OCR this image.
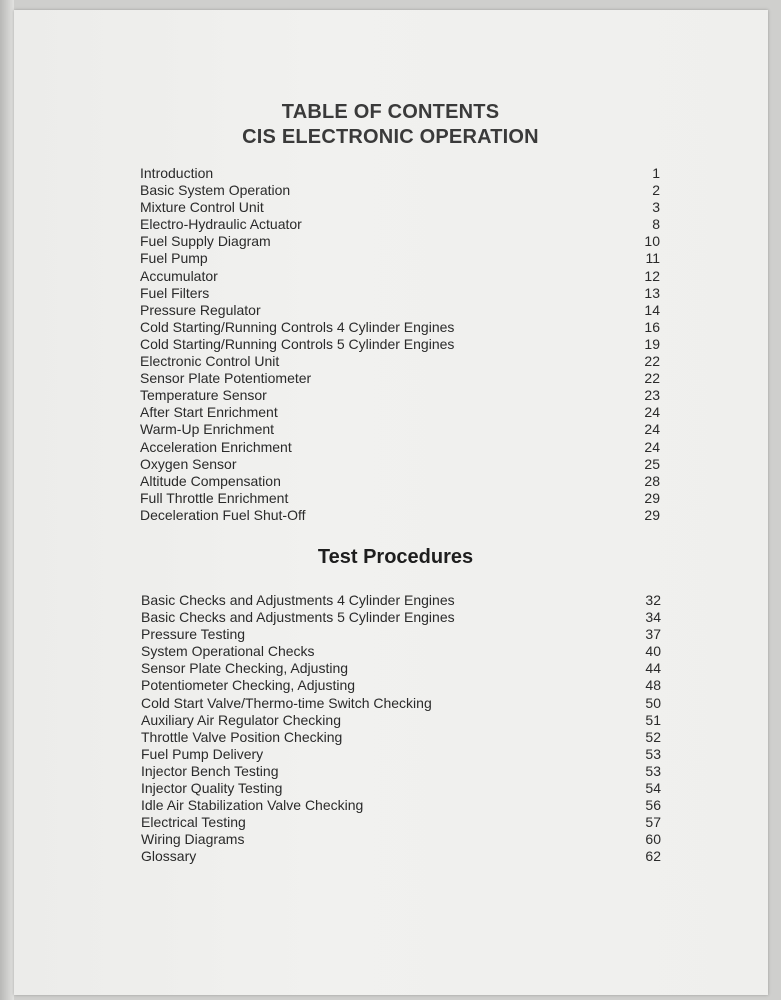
TABLE OF CONTENTS
CIS ELECTRONIC OPERATION
Introduction	1
Basic System Operation	2
Mixture Control Unit	3
Electro-Hydraulic Actuator	8
Fuel Supply Diagram	10
Fuel Pump	11
Accumulator	12
Fuel Filters	13
Pressure Regulator	14
Cold Starting/Running Controls 4 Cylinder Engines	16
Cold Starting/Running Controls 5 Cylinder Engines	19
Electronic Control Unit	22
Sensor Plate Potentiometer	22
Temperature Sensor	23
After Start Enrichment	24
Warm-Up Enrichment	24
Acceleration Enrichment	24
Oxygen Sensor	25
Altitude Compensation	28
Full Throttle Enrichment	29
Deceleration Fuel Shut-Off	29
Test Procedures
Basic Checks and Adjustments 4 Cylinder Engines	32
Basic Checks and Adjustments 5 Cylinder Engines	34
Pressure Testing	37
System Operational Checks	40
Sensor Plate Checking, Adjusting	44
Potentiometer Checking, Adjusting	48
Cold Start Valve/Thermo-time Switch Checking	50
Auxiliary Air Regulator Checking	51
Throttle Valve Position Checking	52
Fuel Pump Delivery	53
Injector Bench Testing	53
Injector Quality Testing	54
Idle Air Stabilization Valve Checking	56
Electrical Testing	57
Wiring Diagrams	60
Glossary	62
